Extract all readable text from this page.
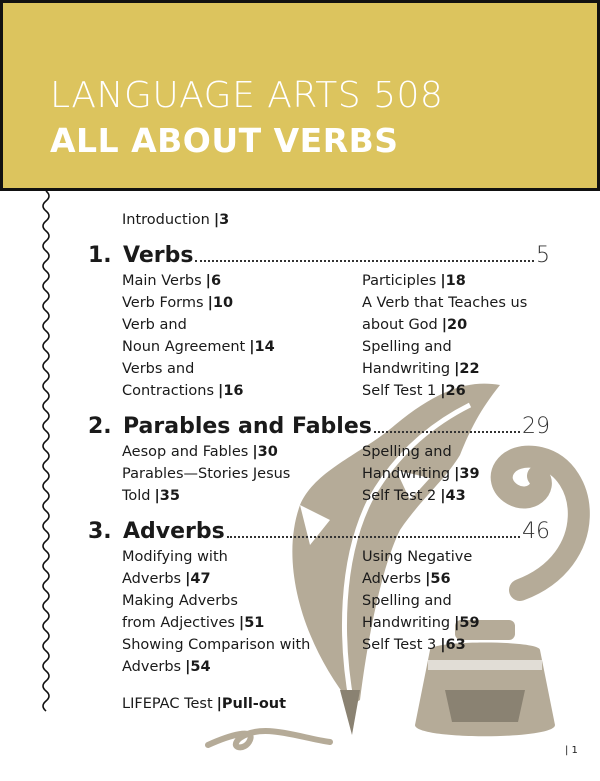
LANGUAGE ARTS 508
ALL ABOUT VERBS
Introduction |3
1. Verbs	5
Main Verbs |6
Verb Forms |10
Verb and
Noun Agreement |14
Verbs and
Contractions |16
Participles |18
A Verb that Teaches us
about God |20
Spelling and
Handwriting |22
Self Test 1 |26
2. Parables and Fables	29
Aesop and Fables |30
Parables—Stories Jesus
Told |35
Spelling and
Handwriting |39
Self Test 2 |43
3. Adverbs	46
Modifying with
Adverbs |47
Making Adverbs
from Adjectives |51
Showing Comparison with
Adverbs |54
Using Negative
Adverbs |56
Spelling and
Handwriting |59
Self Test 3 |63
LIFEPAC Test |Pull-out
| 1
